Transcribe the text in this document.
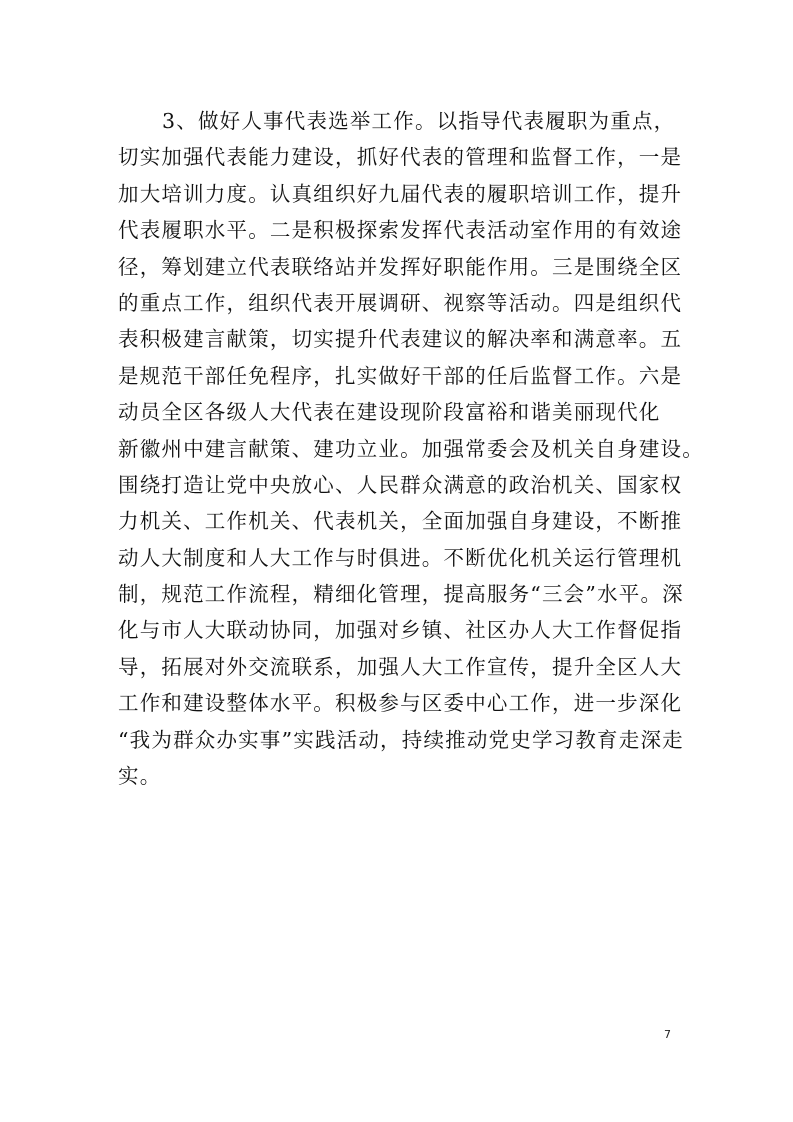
3、做好人事代表选举工作。以指导代表履职为重点，
切实加强代表能力建设，抓好代表的管理和监督工作，一是
加大培训力度。认真组织好九届代表的履职培训工作，提升
代表履职水平。二是积极探索发挥代表活动室作用的有效途
径，筹划建立代表联络站并发挥好职能作用。三是围绕全区
的重点工作，组织代表开展调研、视察等活动。四是组织代
表积极建言献策，切实提升代表建议的解决率和满意率。五
是规范干部任免程序，扎实做好干部的任后监督工作。六是
动员全区各级人大代表在建设现阶段富裕和谐美丽现代化
新徽州中建言献策、建功立业。加强常委会及机关自身建设。
围绕打造让党中央放心、人民群众满意的政治机关、国家权
力机关、工作机关、代表机关，全面加强自身建设，不断推
动人大制度和人大工作与时俱进。不断优化机关运行管理机
制，规范工作流程，精细化管理，提高服务“三会”水平。深
化与市人大联动协同，加强对乡镇、社区办人大工作督促指
导，拓展对外交流联系，加强人大工作宣传，提升全区人大
工作和建设整体水平。积极参与区委中心工作，进一步深化
“我为群众办实事”实践活动，持续推动党史学习教育走深走
实。
7
